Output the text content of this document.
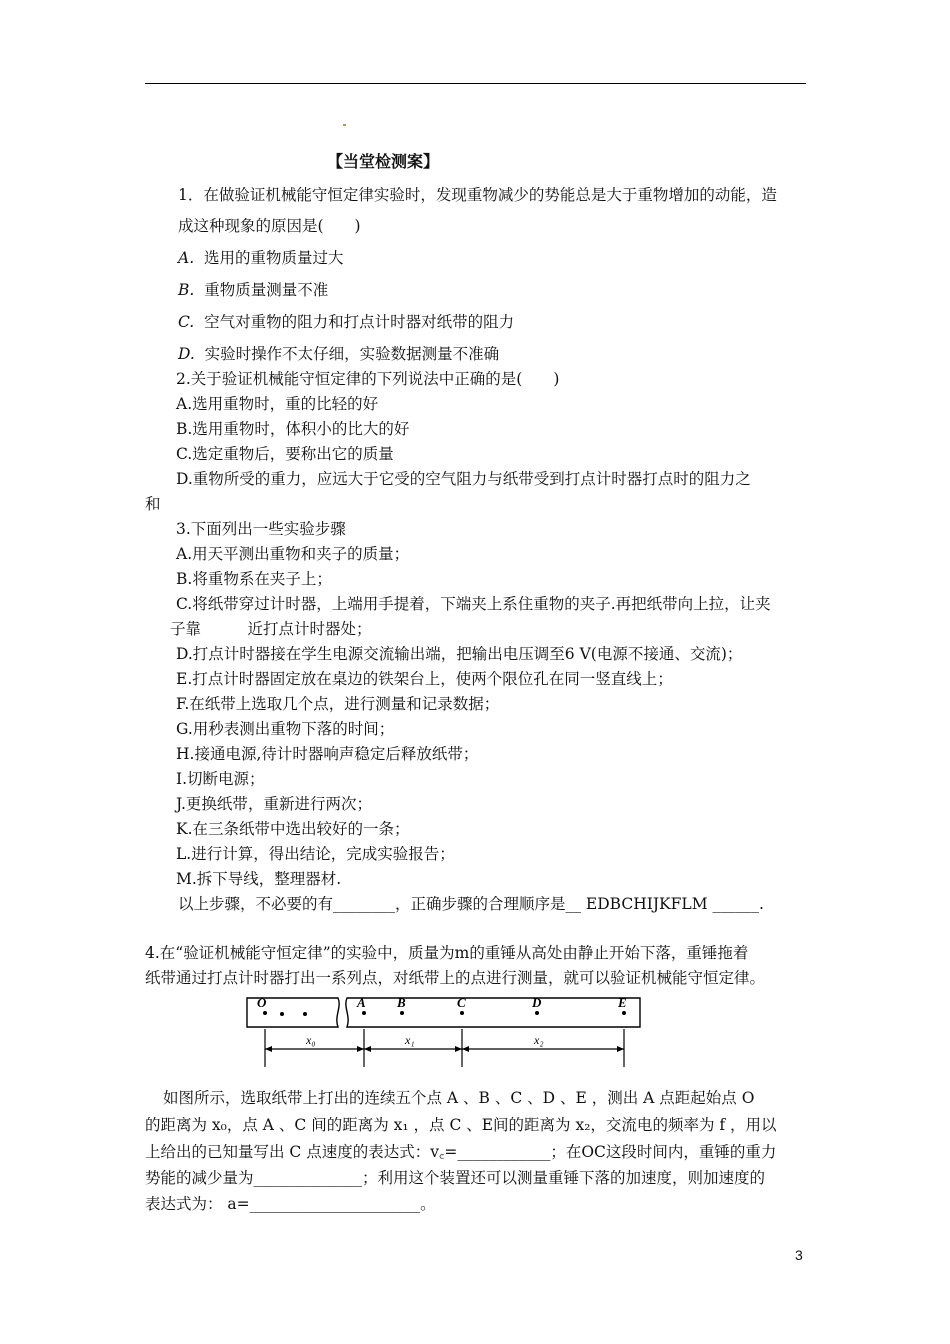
【当堂检测案】
1．在做验证机械能守恒定律实验时，发现重物减少的势能总是大于重物增加的动能，造
成这种现象的原因是(　　)
A. 选用的重物质量过大
B. 重物质量测量不准
C. 空气对重物的阻力和打点计时器对纸带的阻力
D. 实验时操作不太仔细，实验数据测量不准确
2.关于验证机械能守恒定律的下列说法中正确的是(　　)
A.选用重物时，重的比轻的好
B.选用重物时，体积小的比大的好
C.选定重物后，要称出它的质量
D.重物所受的重力，应远大于它受的空气阻力与纸带受到打点计时器打点时的阻力之
和
3.下面列出一些实验步骤
A.用天平测出重物和夹子的质量；
B.将重物系在夹子上；
C.将纸带穿过计时器，上端用手提着，下端夹上系住重物的夹子.再把纸带向上拉，让夹
子靠　　　近打点计时器处；
D.打点计时器接在学生电源交流输出端，把输出电压调至6 V(电源不接通、交流)；
E.打点计时器固定放在桌边的铁架台上，使两个限位孔在同一竖直线上；
F.在纸带上选取几个点，进行测量和记录数据；
G.用秒表测出重物下落的时间；
H.接通电源,待计时器响声稳定后释放纸带；
I.切断电源；
J.更换纸带，重新进行两次；
K.在三条纸带中选出较好的一条；
L.进行计算，得出结论，完成实验报告；
M.拆下导线，整理器材.
以上步骤，不必要的有________，正确步骤的合理顺序是__ EDBCHIJKFLM ______.
4.在“验证机械能守恒定律”的实验中，质量为m的重锤从高处由静止开始下落，重锤拖着
纸带通过打点计时器打出一系列点，对纸带上的点进行测量，就可以验证机械能守恒定律。
O	A B	C	D	E
x₀	x₁	x₂
如图所示，选取纸带上打出的连续五个点 A 、B 、C 、D 、E ，测出 A 点距起始点 O
的距离为 x₀，点 A 、C 间的距离为 x₁ ，点 C 、E间的距离为 x₂，交流电的频率为 f ，用以
上给出的已知量写出 C 点速度的表达式：v꜀=____________；在OC这段时间内，重锤的重力
势能的减少量为______________；利用这个装置还可以测量重锤下落的加速度，则加速度的
表达式为： a=______________________。
3
